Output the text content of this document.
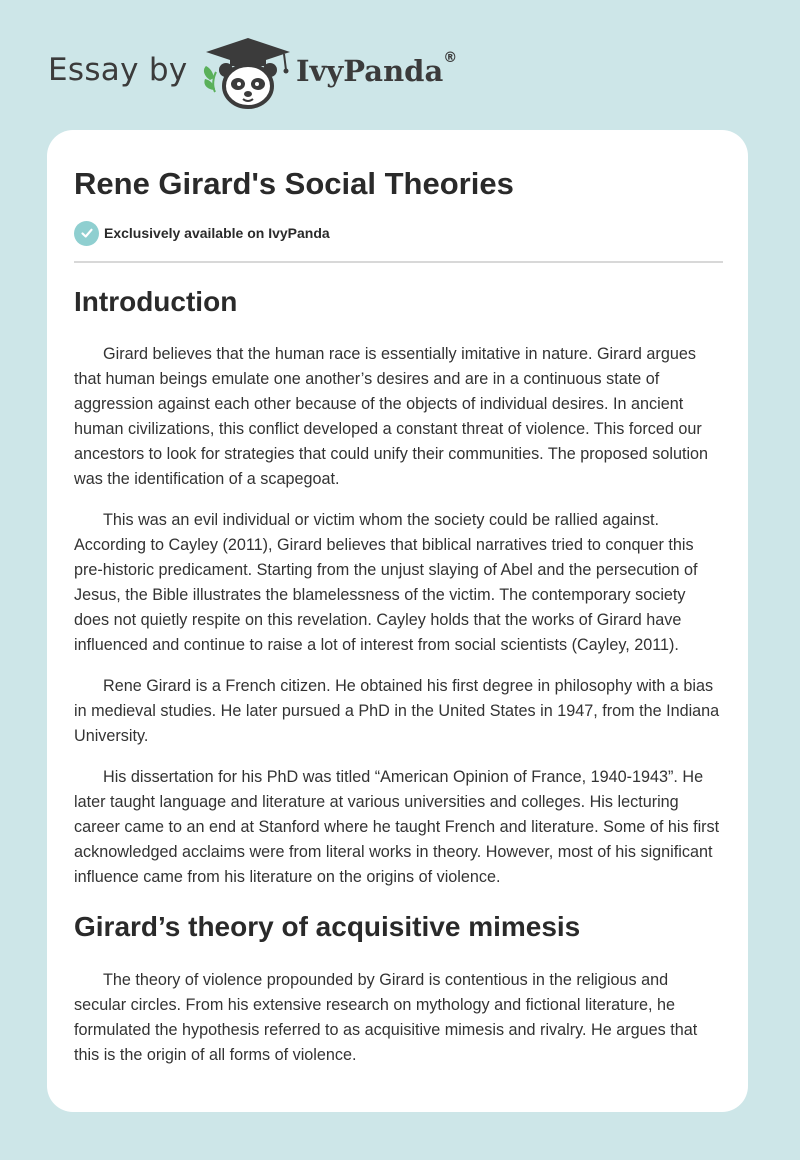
Essay by	IvyPanda®
Rene Girard's Social Theories
Exclusively available on IvyPanda
Introduction

Girard believes that the human race is essentially imitative in nature. Girard argues that human beings emulate one another’s desires and are in a continuous state of aggression against each other because of the objects of individual desires. In ancient human civilizations, this conflict developed a constant threat of violence. This forced our ancestors to look for strategies that could unify their communities. The proposed solution was the identification of a scapegoat.

This was an evil individual or victim whom the society could be rallied against. According to Cayley (2011), Girard believes that biblical narratives tried to conquer this pre-historic predicament. Starting from the unjust slaying of Abel and the persecution of Jesus, the Bible illustrates the blamelessness of the victim. The contemporary society does not quietly respite on this revelation. Cayley holds that the works of Girard have influenced and continue to raise a lot of interest from social scientists (Cayley, 2011).

Rene Girard is a French citizen. He obtained his first degree in philosophy with a bias in medieval studies. He later pursued a PhD in the United States in 1947, from the Indiana University.

His dissertation for his PhD was titled “American Opinion of France, 1940-1943”. He later taught language and literature at various universities and colleges. His lecturing career came to an end at Stanford where he taught French and literature. Some of his first acknowledged acclaims were from literal works in theory. However, most of his significant influence came from his literature on the origins of violence.

Girard’s theory of acquisitive mimesis

The theory of violence propounded by Girard is contentious in the religious and secular circles. From his extensive research on mythology and fictional literature, he formulated the hypothesis referred to as acquisitive mimesis and rivalry. He argues that this is the origin of all forms of violence.
